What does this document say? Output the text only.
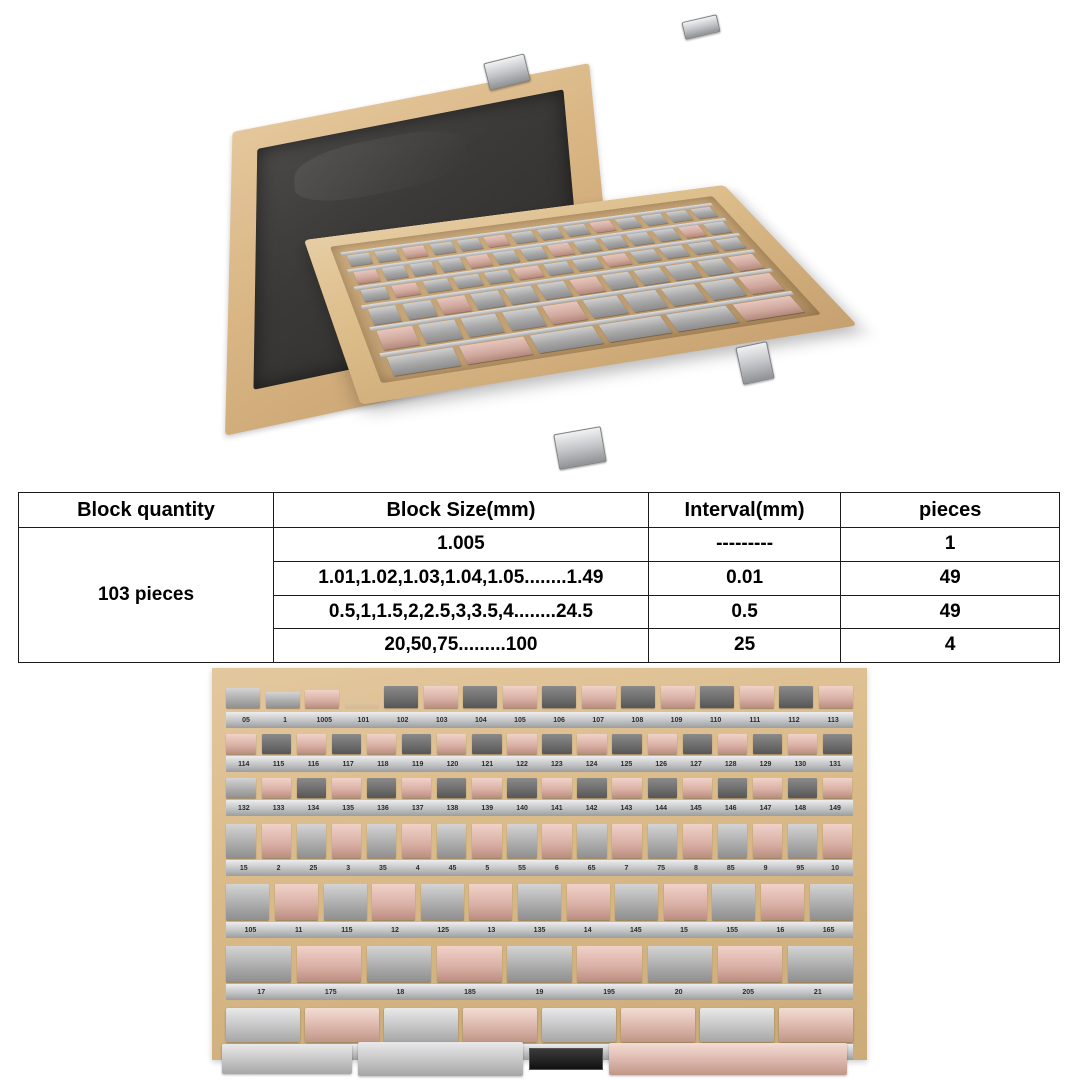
Block quantity	Block Size(mm)	Interval(mm)	pieces
103 pieces	1.005	---------	1
	1.01,1.02,1.03,1.04,1.05........1.49	0.01	49
	0.5,1,1.5,2,2.5,3,3.5,4........24.5	0.5	49
	20,50,75.........100	25	4
05	1	1005	101	102	103	104	105	106	107	108	109	110	111	112	113
114	115	116	117	118	119	120	121	122	123	124	125	126	127	128	129	130	131
132	133	134	135	136	137	138	139	140	141	142	143	144	145	146	147	148	149
15	2	25	3	35	4	45	5	55	6	65	7	75	8	85	9	95	10
105	11	115	12	125	13	135	14	145	15	155	16	165
17	175	18	185	19	195	20	205	21
